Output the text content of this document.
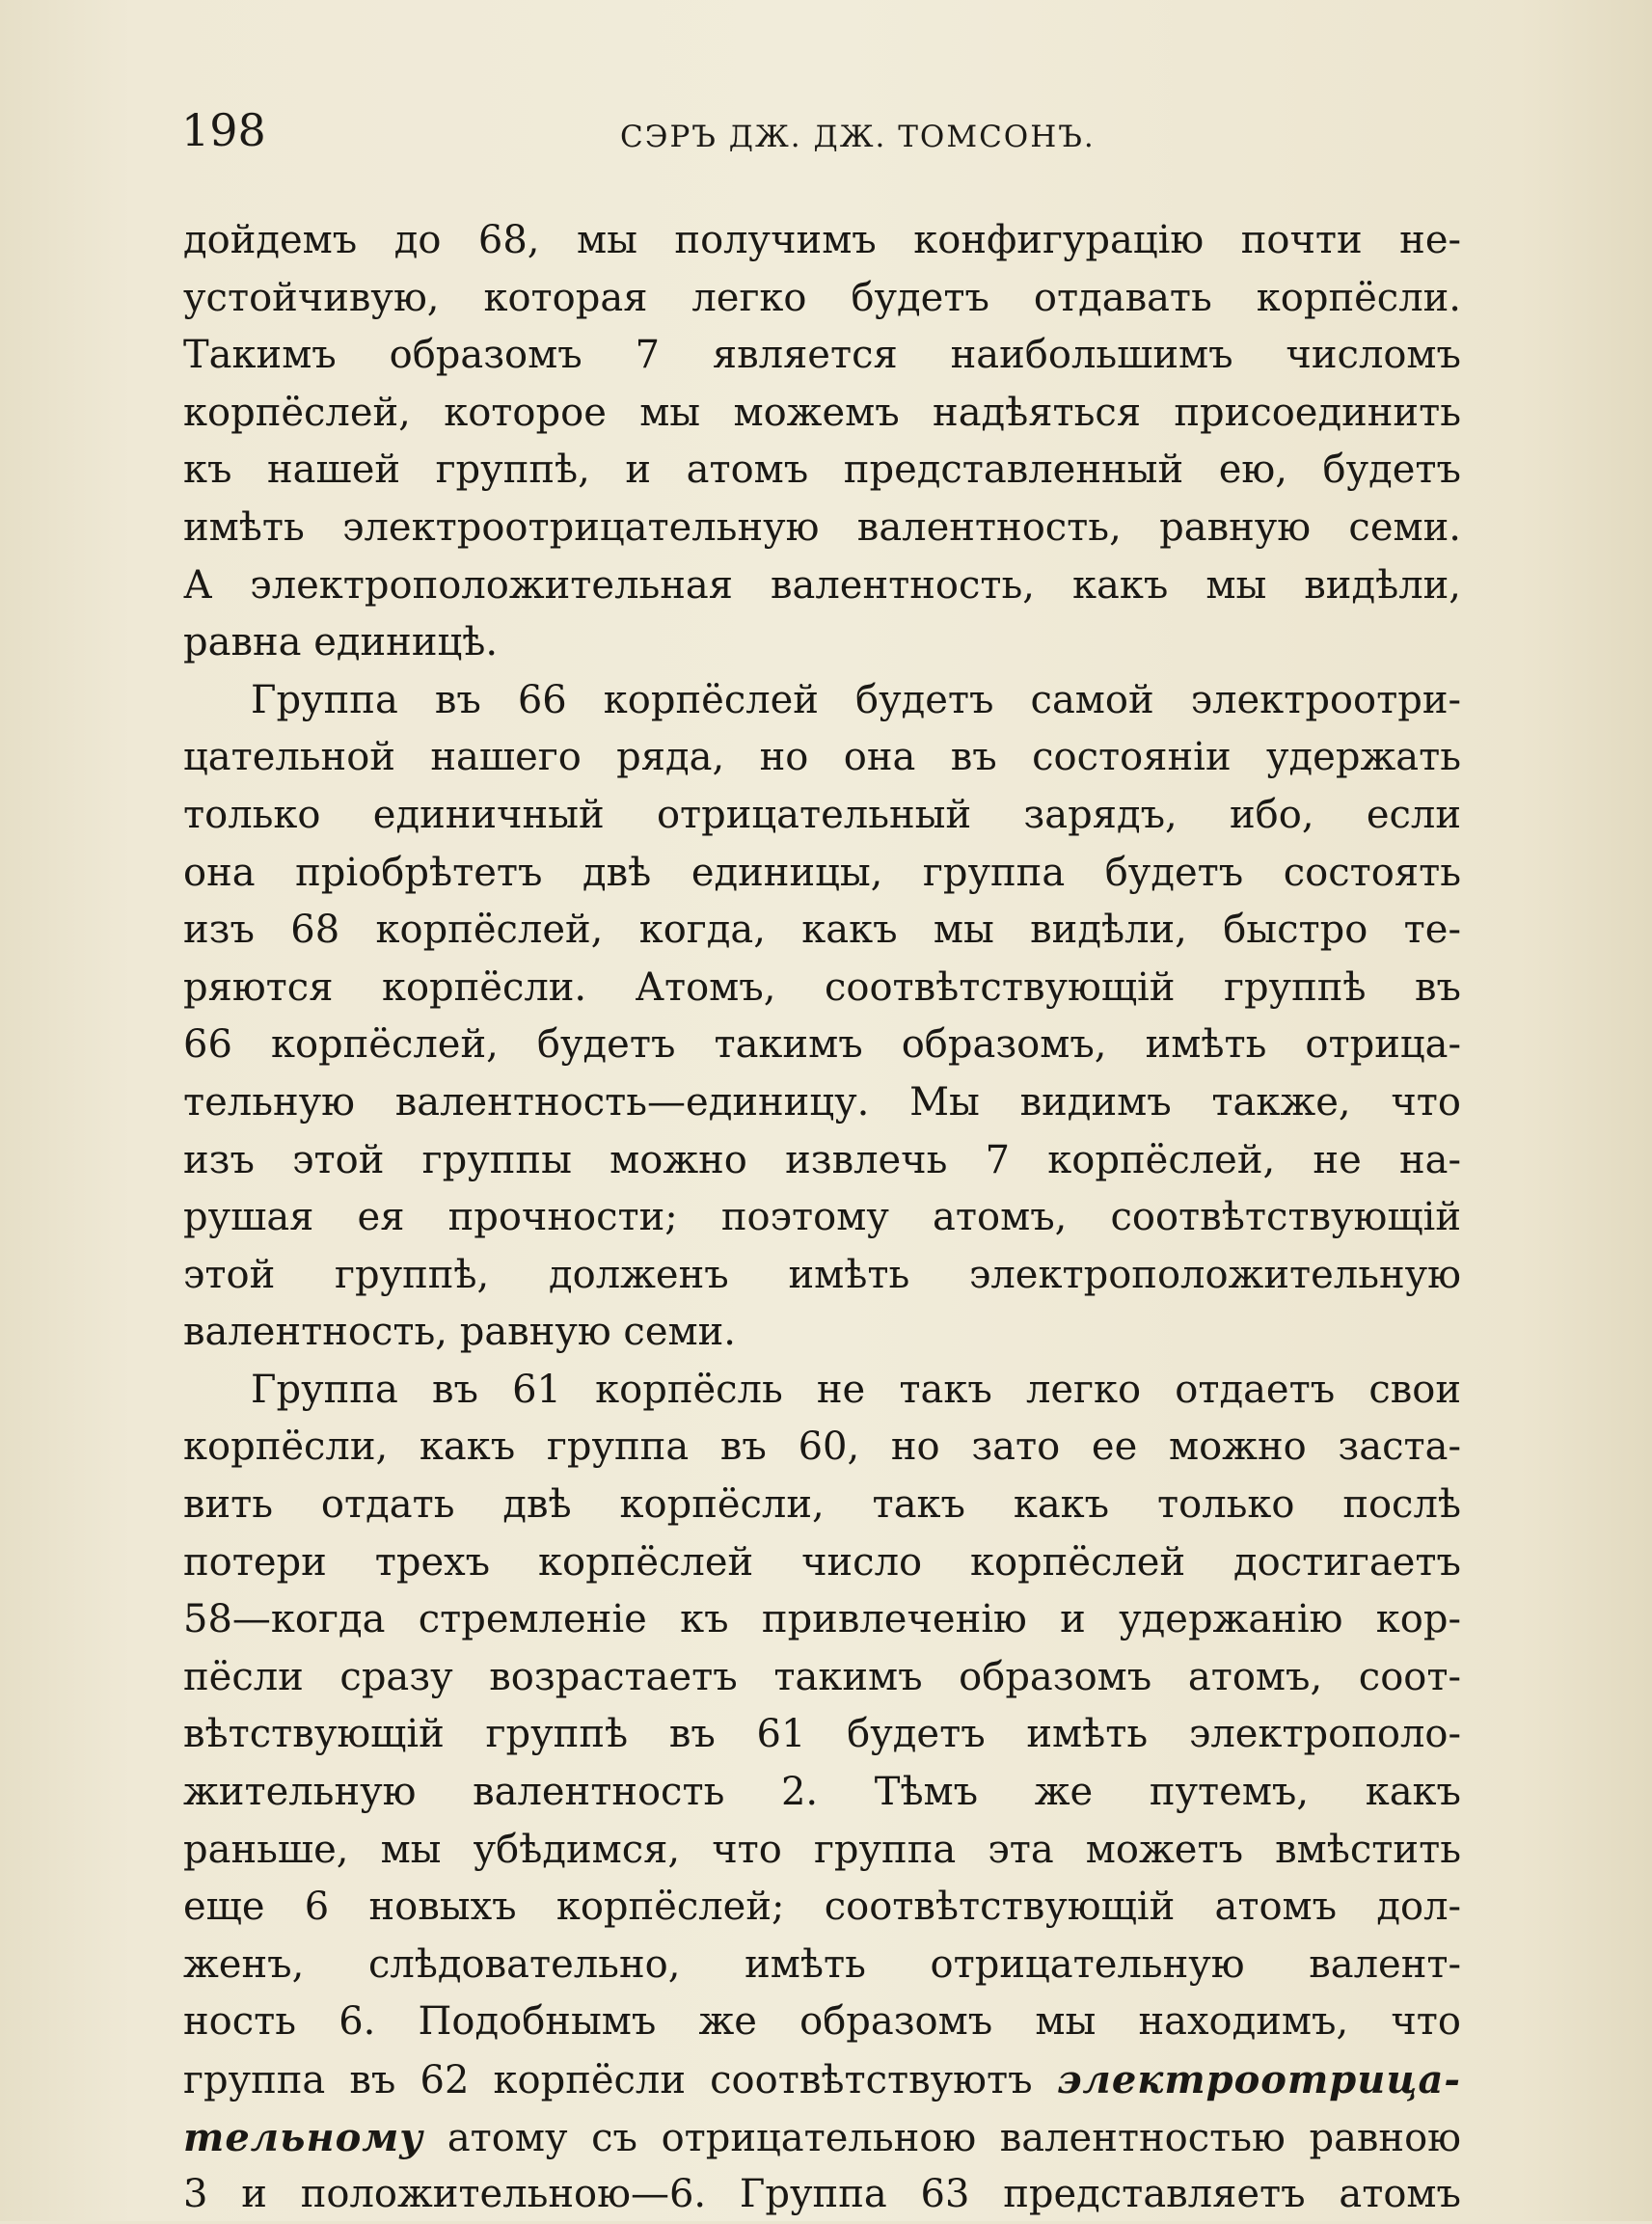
198	СЭРЪ ДЖ. ДЖ. ТОМСОНЪ.
дойдемъ до 68, мы получимъ конфигурацію почти не-
устойчивую, которая легко будетъ отдавать корпёсли.
Такимъ образомъ 7 является наибольшимъ числомъ
корпёслей, которое мы можемъ надѣяться присоединить
къ нашей группѣ, и атомъ представленный ею, будетъ
имѣть электроотрицательную валентность, равную семи.
А электроположительная валентность, какъ мы видѣли,
равна единицѣ.
Группа въ 66 корпёслей будетъ самой электроотри-
цательной нашего ряда, но она въ состояніи удержать
только единичный отрицательный зарядъ, ибо, если
она пріобрѣтетъ двѣ единицы, группа будетъ состоять
изъ 68 корпёслей, когда, какъ мы видѣли, быстро те-
ряются корпёсли. Атомъ, соотвѣтствующій группѣ въ
66 корпёслей, будетъ такимъ образомъ, имѣть отрица-
тельную валентность—единицу. Мы видимъ также, что
изъ этой группы можно извлечь 7 корпёслей, не на-
рушая ея прочности; поэтому атомъ, соотвѣтствующій
этой группѣ, долженъ имѣть электроположительную
валентность, равную семи.
Группа въ 61 корпёсль не такъ легко отдаетъ свои
корпёсли, какъ группа въ 60, но зато ее можно заста-
вить отдать двѣ корпёсли, такъ какъ только послѣ
потери трехъ корпёслей число корпёслей достигаетъ
58—когда стремленіе къ привлеченію и удержанію кор-
пёсли сразу возрастаетъ такимъ образомъ атомъ, соот-
вѣтствующій группѣ въ 61 будетъ имѣть электрополо-
жительную валентность 2. Тѣмъ же путемъ, какъ
раньше, мы убѣдимся, что группа эта можетъ вмѣстить
еще 6 новыхъ корпёслей; соотвѣтствующій атомъ дол-
женъ, слѣдовательно, имѣть отрицательную валент-
ность 6. Подобнымъ же образомъ мы находимъ, что
группа въ 62 корпёсли соотвѣтствуютъ электроотрица-
тельному атому съ отрицательною валентностью равною
3 и положительною—6. Группа 63 представляетъ атомъ
